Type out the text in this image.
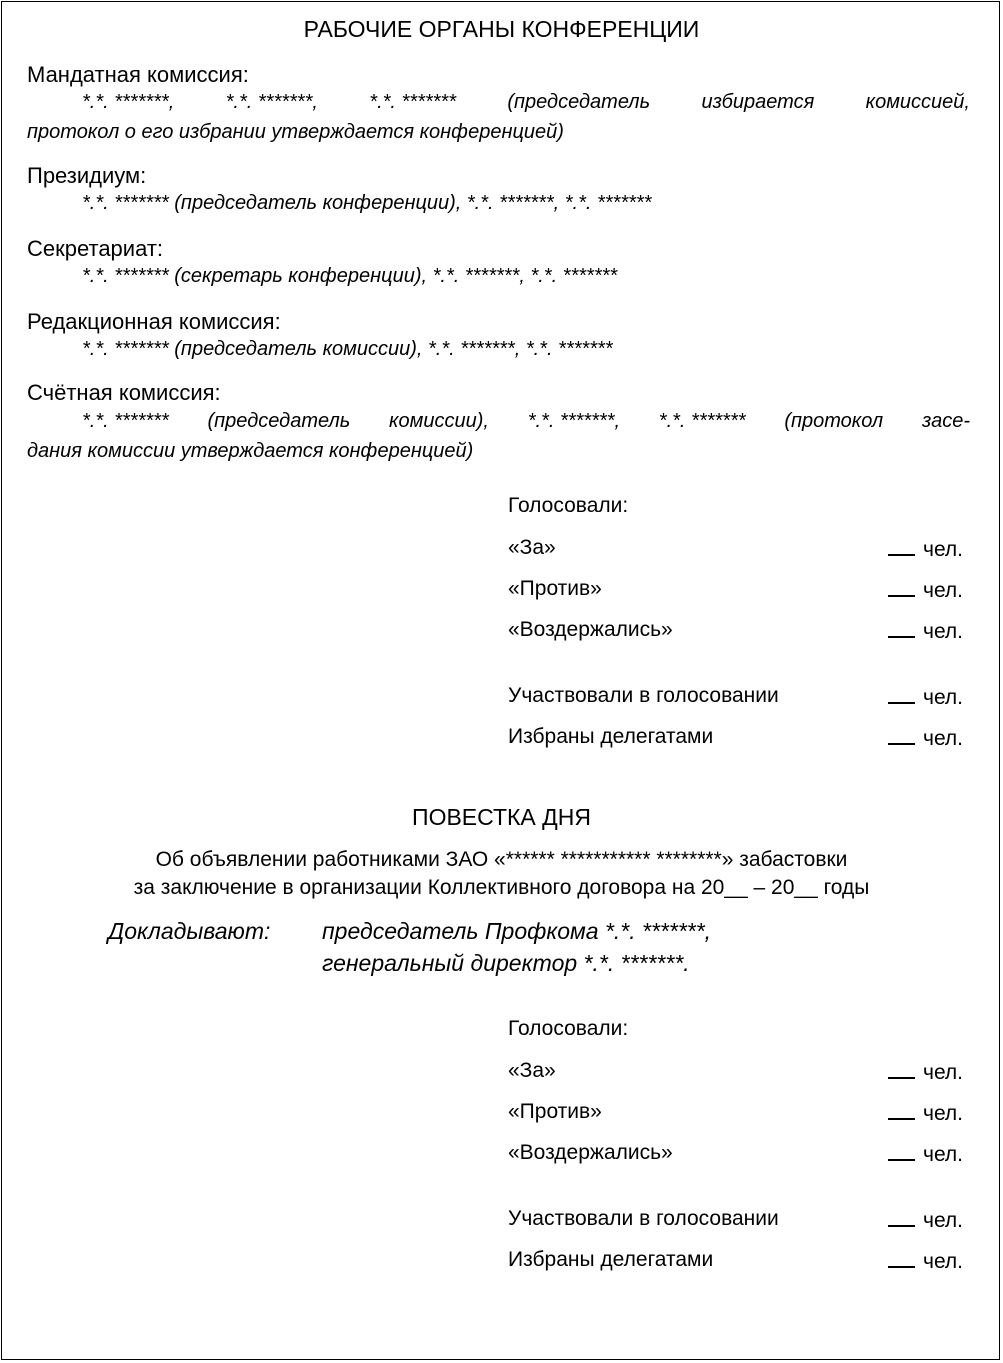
РАБОЧИЕ ОРГАНЫ КОНФЕРЕНЦИИ
Мандатная комиссия:
*.*. *******,	*.*. *******,	*.*. *******	(председатель	избирается	комиссией,
протокол о его избрании утверждается конференцией)
Президиум:
*.*. ******* (председатель конференции), *.*. *******, *.*. *******
Секретариат:
*.*. ******* (секретарь конференции), *.*. *******, *.*. *******
Редакционная комиссия:
*.*. ******* (председатель комиссии), *.*. *******, *.*. *******
Счётная комиссия:
*.*. ******* (председатель комиссии), *.*. *******, *.*. ******* (протокол засе-
дания комиссии утверждается конференцией)
Голосовали:
«За»	чел.
«Против»	чел.
«Воздержались»	чел.
Участвовали в голосовании	чел.
Избраны делегатами	чел.
ПОВЕСТКА ДНЯ
Об объявлении работниками ЗАО «****** *********** ********» забастовки
за заключение в организации Коллективного договора на 20__ – 20__ годы
Докладывают: председатель Профкома *.*. *******,
генеральный директор *.*. *******.
Голосовали:
«За»	чел.
«Против»	чел.
«Воздержались»	чел.
Участвовали в голосовании	чел.
Избраны делегатами	чел.
